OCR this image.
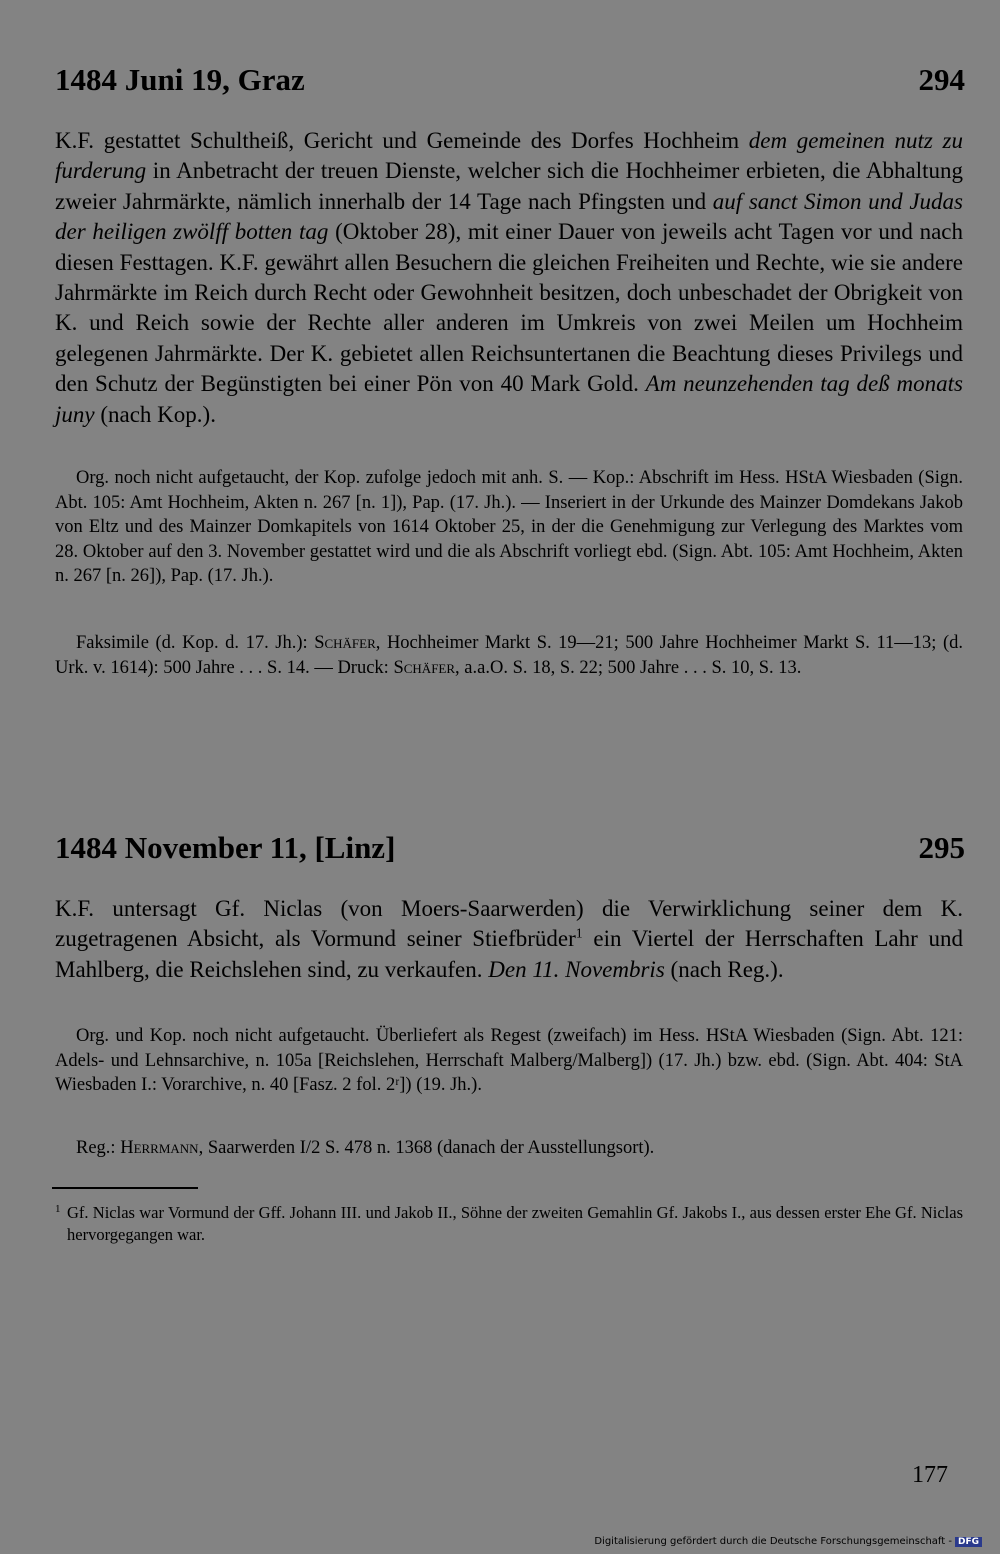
1484 Juni 19, Graz	294
K.F. gestattet Schultheiß, Gericht und Gemeinde des Dorfes Hochheim dem gemeinen nutz zu furderung in Anbetracht der treuen Dienste, welcher sich die Hochheimer erbieten, die Abhaltung zweier Jahrmärkte, nämlich innerhalb der 14 Tage nach Pfingsten und auf sanct Simon und Judas der heiligen zwölff botten tag (Oktober 28), mit einer Dauer von jeweils acht Tagen vor und nach diesen Festtagen. K.F. gewährt allen Besuchern die gleichen Freiheiten und Rechte, wie sie andere Jahrmärkte im Reich durch Recht oder Gewohnheit besitzen, doch unbeschadet der Obrigkeit von K. und Reich sowie der Rechte aller anderen im Umkreis von zwei Meilen um Hochheim gelegenen Jahrmärkte. Der K. gebietet allen Reichsuntertanen die Beachtung dieses Privilegs und den Schutz der Begünstigten bei einer Pön von 40 Mark Gold. Am neunzehenden tag deß monats juny (nach Kop.).
Org. noch nicht aufgetaucht, der Kop. zufolge jedoch mit anh. S. — Kop.: Abschrift im Hess. HStA Wiesbaden (Sign. Abt. 105: Amt Hochheim, Akten n. 267 [n. 1]), Pap. (17. Jh.). — Inseriert in der Urkunde des Mainzer Domdekans Jakob von Eltz und des Mainzer Domkapitels von 1614 Oktober 25, in der die Genehmigung zur Verlegung des Marktes vom 28. Oktober auf den 3. November gestattet wird und die als Abschrift vorliegt ebd. (Sign. Abt. 105: Amt Hochheim, Akten n. 267 [n. 26]), Pap. (17. Jh.).
Faksimile (d. Kop. d. 17. Jh.): Schäfer, Hochheimer Markt S. 19—21; 500 Jahre Hochheimer Markt S. 11—13; (d. Urk. v. 1614): 500 Jahre . . . S. 14. — Druck: Schäfer, a.a.O. S. 18, S. 22; 500 Jahre . . . S. 10, S. 13.
1484 November 11, [Linz]	295
K.F. untersagt Gf. Niclas (von Moers-Saarwerden) die Verwirklichung seiner dem K. zugetragenen Absicht, als Vormund seiner Stiefbrüder$^1$ ein Viertel der Herrschaften Lahr und Mahlberg, die Reichslehen sind, zu verkaufen. Den 11. Novembris (nach Reg.).
Org. und Kop. noch nicht aufgetaucht. Überliefert als Regest (zweifach) im Hess. HStA Wiesbaden (Sign. Abt. 121: Adels- und Lehnsarchive, n. 105a [Reichslehen, Herrschaft Malberg/Malberg]) (17. Jh.) bzw. ebd. (Sign. Abt. 404: StA Wiesbaden I.: Vorarchive, n. 40 [Fasz. 2 fol. 2ʳ]) (19. Jh.).
Reg.: Herrmann, Saarwerden I/2 S. 478 n. 1368 (danach der Ausstellungsort).
1 Gf. Niclas war Vormund der Gff. Johann III. und Jakob II., Söhne der zweiten Gemahlin Gf. Jakobs I., aus dessen erster Ehe Gf. Niclas hervorgegangen war.
177
Digitalisierung gefördert durch die Deutsche Forschungsgemeinschaft - DFG
